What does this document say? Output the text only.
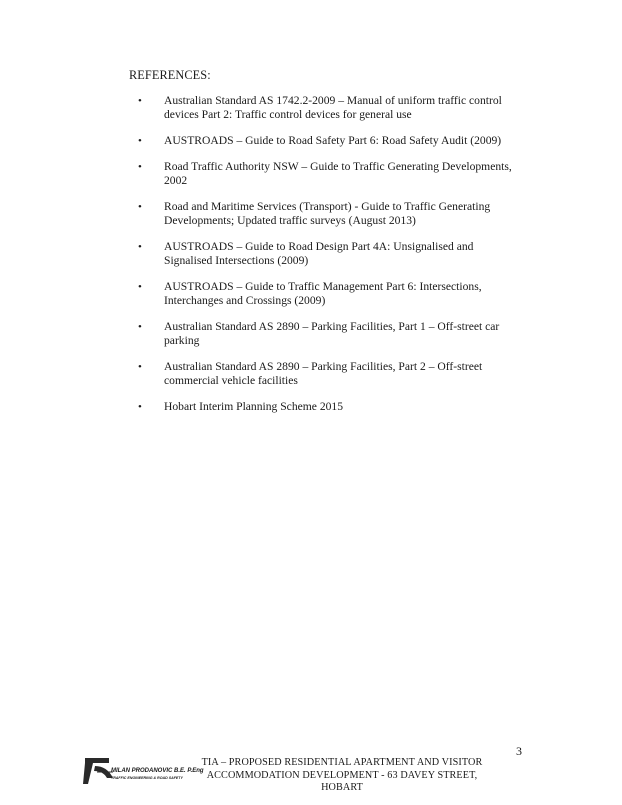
REFERENCES:
• Australian Standard AS 1742.2-2009 – Manual of uniform traffic control devices Part 2: Traffic control devices for general use
• AUSTROADS – Guide to Road Safety Part 6: Road Safety Audit (2009)
• Road Traffic Authority NSW – Guide to Traffic Generating Developments, 2002
• Road and Maritime Services (Transport) - Guide to Traffic Generating Developments; Updated traffic surveys (August 2013)
• AUSTROADS – Guide to Road Design Part 4A: Unsignalised and Signalised Intersections (2009)
• AUSTROADS – Guide to Traffic Management Part 6: Intersections, Interchanges and Crossings (2009)
• Australian Standard AS 2890 – Parking Facilities, Part 1 – Off-street car parking
• Australian Standard AS 2890 – Parking Facilities, Part 2 – Off-street commercial vehicle facilities
• Hobart Interim Planning Scheme 2015
3
MILAN PRODANOVIC B.E. P.Eng
TRAFFIC ENGINEERING & ROAD SAFETY
TIA – PROPOSED RESIDENTIAL APARTMENT AND VISITOR
ACCOMMODATION DEVELOPMENT - 63 DAVEY STREET, HOBART
